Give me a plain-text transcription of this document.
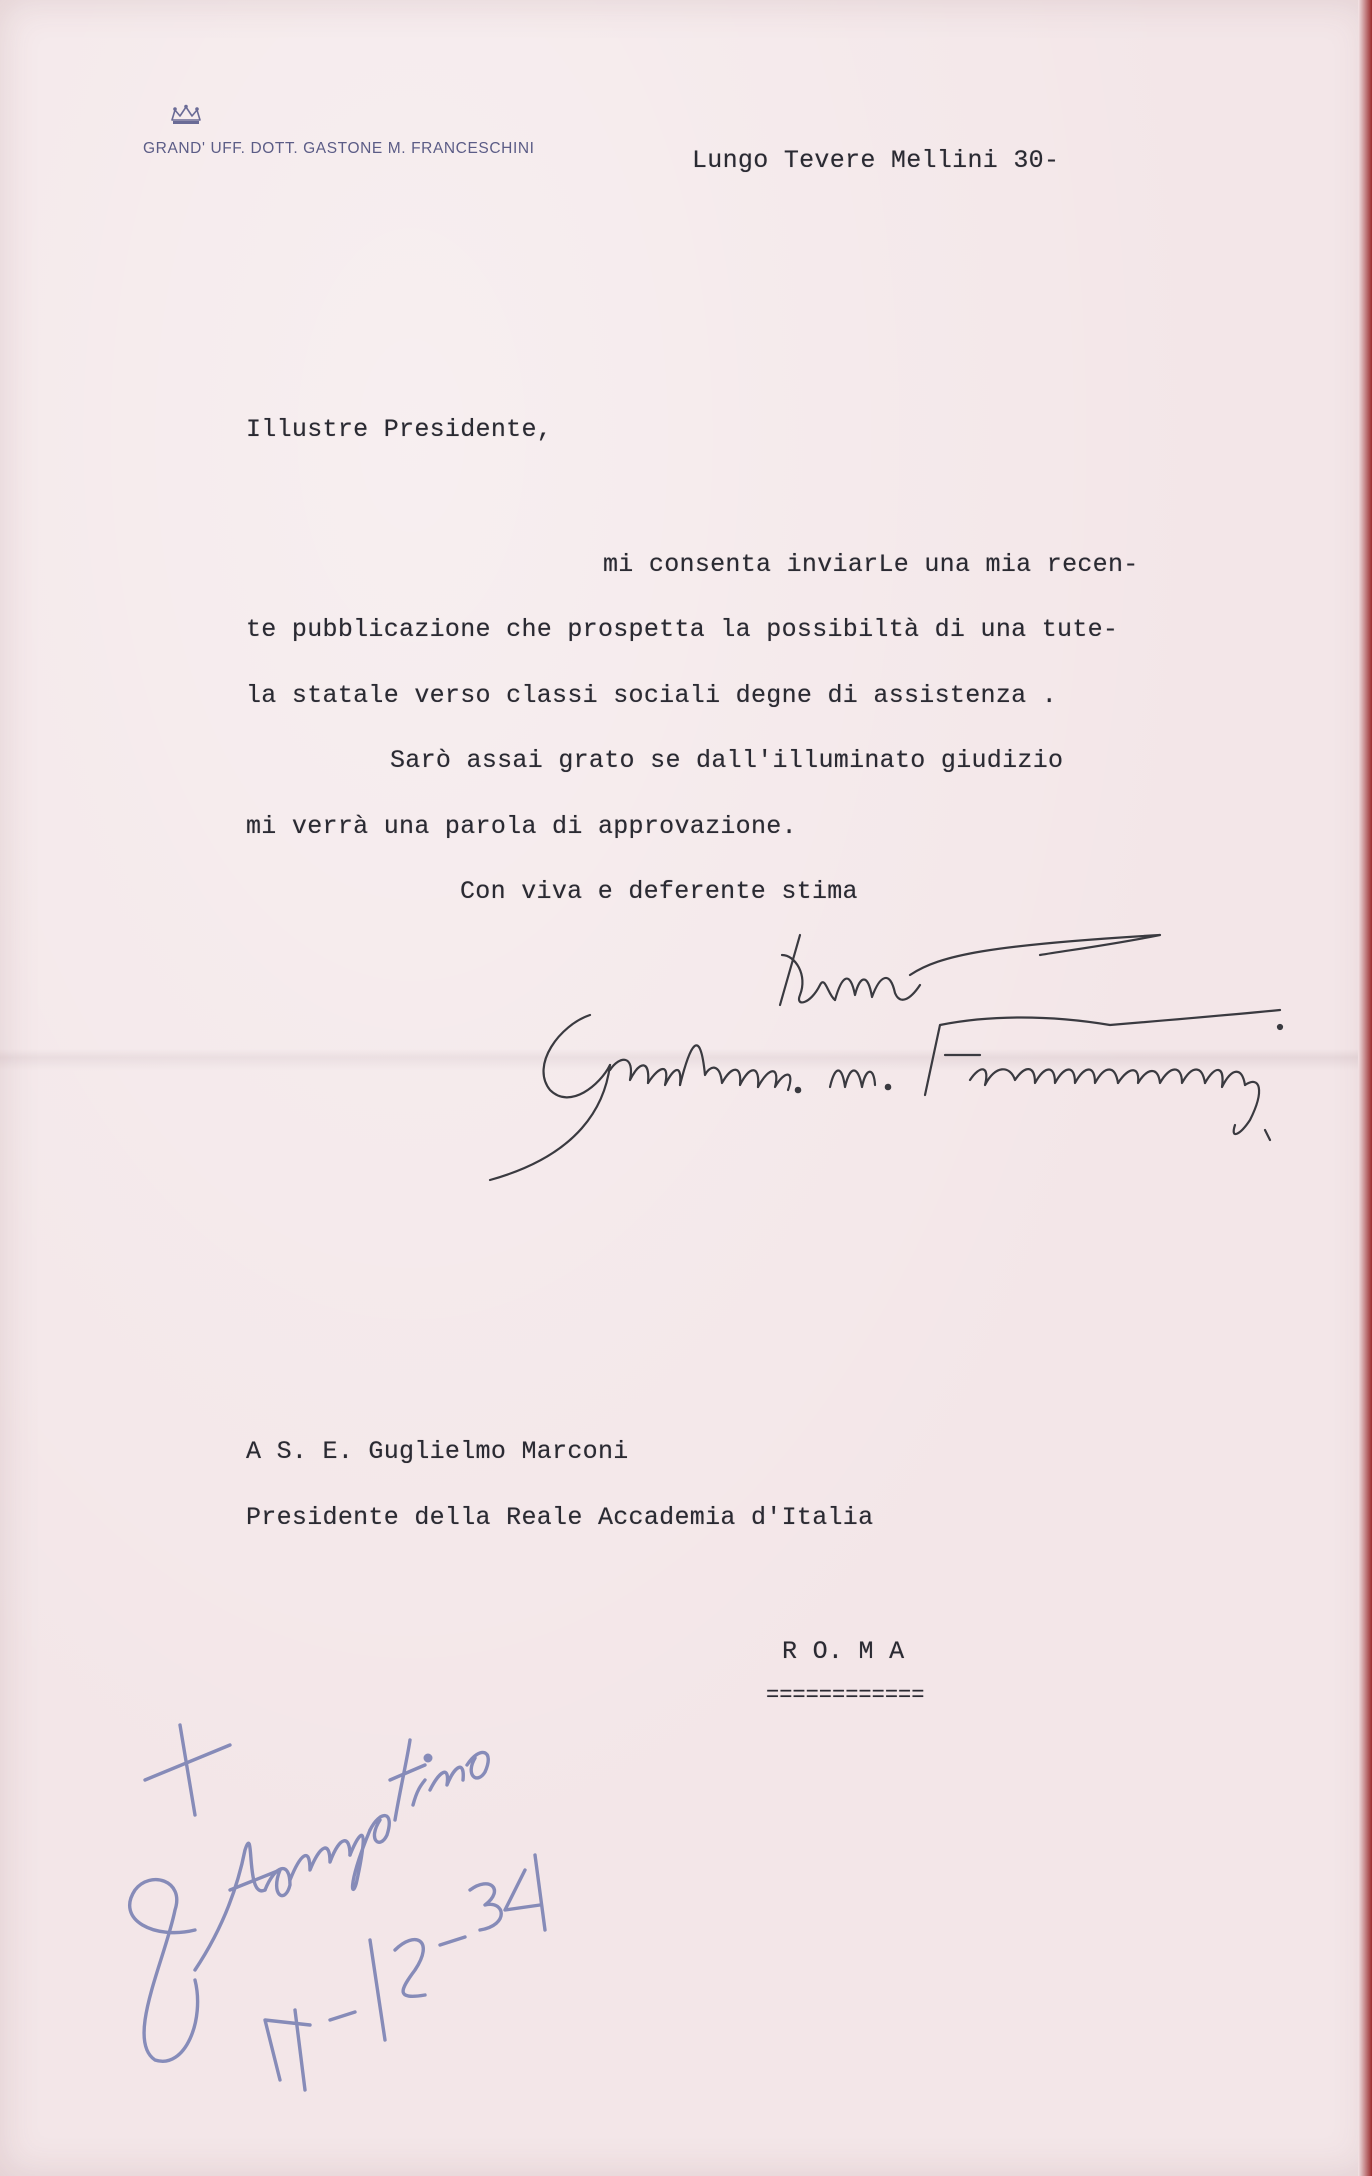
GRAND' UFF. DOTT. GASTONE M. FRANCESCHINI	Lungo Tevere Mellini 30-
Illustre Presidente,
mi consenta inviarLe una mia recen-
te pubblicazione che prospetta la possibiltà di una tute-
la statale verso classi sociali degne di assistenza .
Sarò assai grato se dall'illuminato giudizio
mi verrà una parola di approvazione.
Con viva e deferente stima
A S. E. Guglielmo Marconi
Presidente della Reale Accademia d'Italia
R O. M A
============
